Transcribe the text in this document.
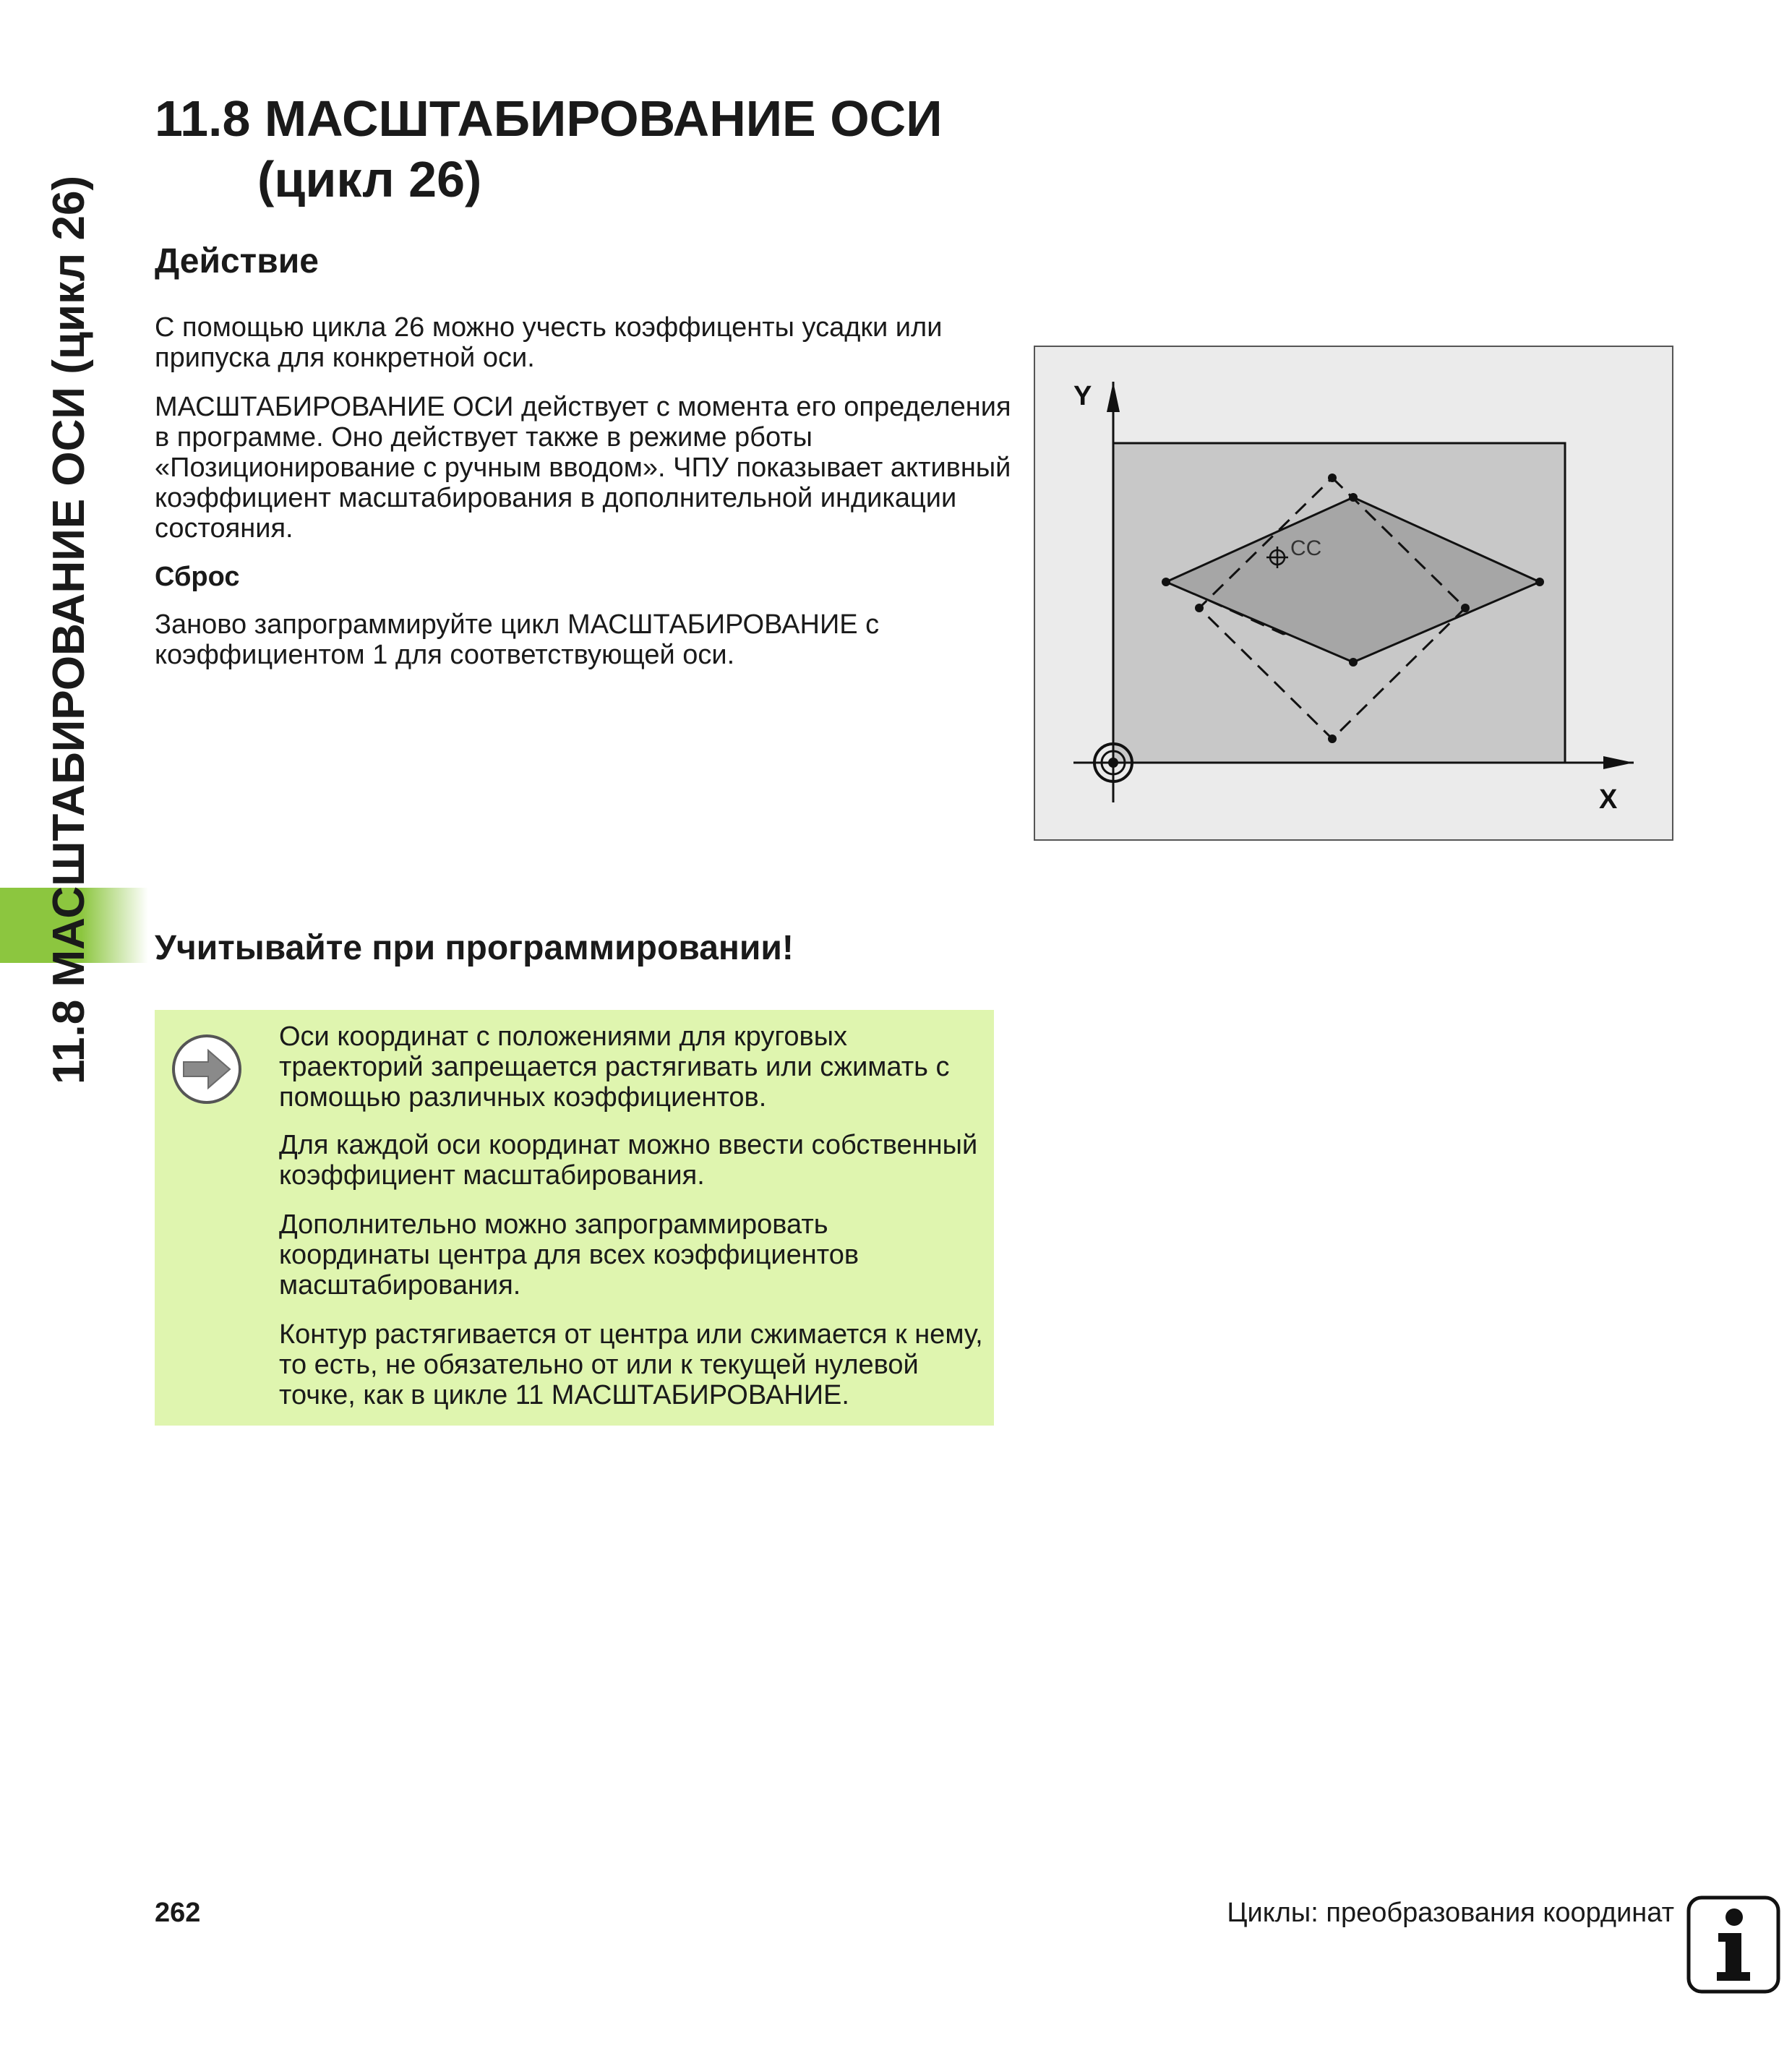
11.8 МАСШТАБИРОВАНИЕ ОСИ (цикл 26)
11.8 МАСШТАБИРОВАНИЕ ОСИ
(цикл 26)
Действие

С помощью цикла 26 можно учесть коэффиценты усадки или припуска для конкретной оси.

МАСШТАБИРОВАНИЕ ОСИ действует с момента его определения в программе. Оно действует также в режиме рботы «Позиционирование с ручным вводом». ЧПУ показывает активный коэффициент масштабирования в дополнительной индикации состояния.

Сброс

Заново запрограммируйте цикл МАСШТАБИРОВАНИЕ с коэффициентом 1 для соответствующей оси.

CC
Y
X
Учитывайте при программировании!

Оси координат с положениями для круговых траекторий запрещается растягивать или сжимать с помощью различных коэффициентов.

Для каждой оси координат можно ввести собственный коэффициент масштабирования.

Дополнительно можно запрограммировать координаты центра для всех коэффициентов масштабирования.

Контур растягивается от центра или сжимается к нему, то есть, не обязательно от или к текущей нулевой точке, как в цикле 11 МАСШТАБИРОВАНИЕ.

262	Циклы: преобразования координат
